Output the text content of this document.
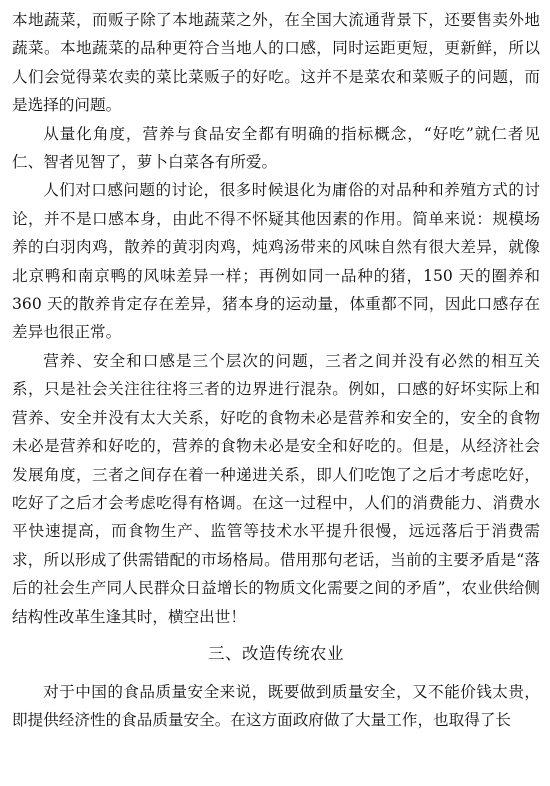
本地蔬菜，而贩子除了本地蔬菜之外，在全国大流通背景下，还要售卖外地蔬菜。本地蔬菜的品种更符合当地人的口感，同时运距更短，更新鲜，所以人们会觉得菜农卖的菜比菜贩子的好吃。这并不是菜农和菜贩子的问题，而是选择的问题。

从量化角度，营养与食品安全都有明确的指标概念，“好吃”就仁者见仁、智者见智了，萝卜白菜各有所爱。

人们对口感问题的讨论，很多时候退化为庸俗的对品种和养殖方式的讨论，并不是口感本身，由此不得不怀疑其他因素的作用。简单来说：规模场养的白羽肉鸡，散养的黄羽肉鸡，炖鸡汤带来的风味自然有很大差异，就像北京鸭和南京鸭的风味差异一样；再例如同一品种的猪，150 天的圈养和 360 天的散养肯定存在差异，猪本身的运动量，体重都不同，因此口感存在差异也很正常。

营养、安全和口感是三个层次的问题，三者之间并没有必然的相互关系，只是社会关注往往将三者的边界进行混杂。例如，口感的好坏实际上和营养、安全并没有太大关系，好吃的食物未必是营养和安全的，安全的食物未必是营养和好吃的，营养的食物未必是安全和好吃的。但是，从经济社会发展角度，三者之间存在着一种递进关系，即人们吃饱了之后才考虑吃好，吃好了之后才会考虑吃得有格调。在这一过程中，人们的消费能力、消费水平快速提高，而食物生产、监管等技术水平提升很慢，远远落后于消费需求，所以形成了供需错配的市场格局。借用那句老话，当前的主要矛盾是“落后的社会生产同人民群众日益增长的物质文化需要之间的矛盾”，农业供给侧结构性改革生逢其时，横空出世！

三、改造传统农业

对于中国的食品质量安全来说，既要做到质量安全，又不能价钱太贵，即提供经济性的食品质量安全。在这方面政府做了大量工作，也取得了长
